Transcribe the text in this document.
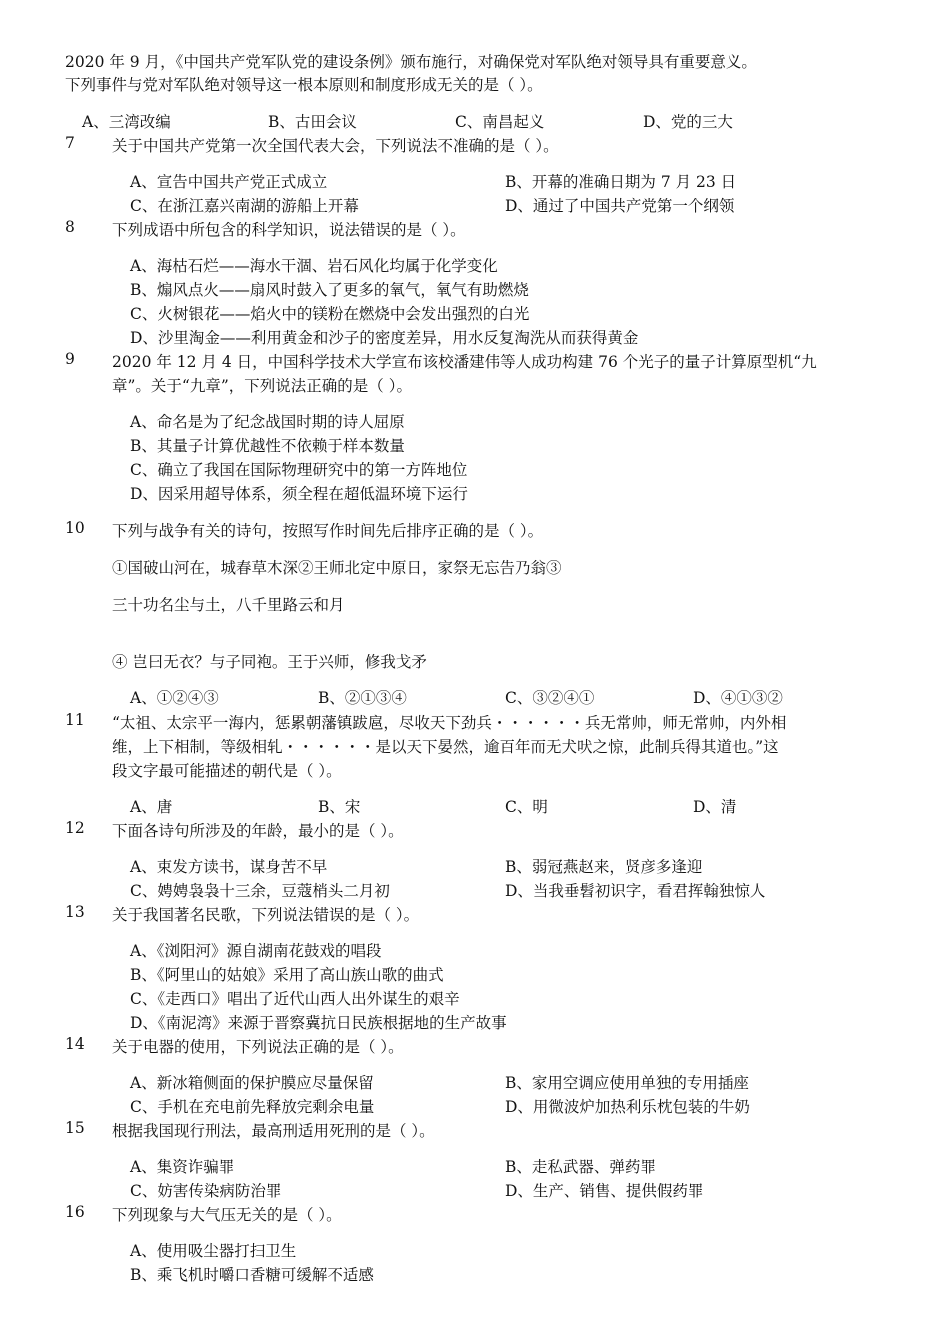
2020 年 9 月，《中国共产党军队党的建设条例》颁布施行，对确保党对军队绝对领导具有重要意义。
下列事件与党对军队绝对领导这一根本原则和制度形成无关的是（ ）。
A、三湾改编	B、古田会议	C、南昌起义	D、党的三大
7 关于中国共产党第一次全国代表大会，下列说法不准确的是（ ）。
A、宣告中国共产党正式成立	B、开幕的准确日期为 7 月 23 日
C、在浙江嘉兴南湖的游船上开幕	D、通过了中国共产党第一个纲领
8 下列成语中所包含的科学知识，说法错误的是（ ）。
A、海枯石烂——海水干涸、岩石风化均属于化学变化
B、煽风点火——扇风时鼓入了更多的氧气，氧气有助燃烧
C、火树银花——焰火中的镁粉在燃烧中会发出强烈的白光
D、沙里淘金——利用黄金和沙子的密度差异，用水反复淘洗从而获得黄金
9 2020 年 12 月 4 日，中国科学技术大学宣布该校潘建伟等人成功构建 76 个光子的量子计算原型机“九
章”。关于“九章”，下列说法正确的是（ ）。
A、命名是为了纪念战国时期的诗人屈原
B、其量子计算优越性不依赖于样本数量
C、确立了我国在国际物理研究中的第一方阵地位
D、因采用超导体系，须全程在超低温环境下运行
10 下列与战争有关的诗句，按照写作时间先后排序正确的是（ ）。
①国破山河在，城春草木深②王师北定中原日，家祭无忘告乃翁③
三十功名尘与土，八千里路云和月
④ 岂曰无衣？与子同袍。王于兴师，修我戈矛
A、①②④③	B、②①③④	C、③②④①	D、④①③②
11 “太祖、太宗平一海内，惩累朝藩镇跋扈，尽收天下劲兵・・・・・・兵无常帅，师无常帅，内外相
维，上下相制，等级相轧・・・・・・是以天下晏然，逾百年而无犬吠之惊，此制兵得其道也。”这
段文字最可能描述的朝代是（ ）。
A、唐	B、宋	C、明	D、清
12 下面各诗句所涉及的年龄，最小的是（ ）。
A、束发方读书，谋身苦不早	B、弱冠燕赵来，贤彦多逢迎
C、娉娉袅袅十三余，豆蔻梢头二月初	D、当我垂髫初识字，看君挥翰独惊人
13 关于我国著名民歌，下列说法错误的是（ ）。
A、《浏阳河》源自湖南花鼓戏的唱段
B、《阿里山的姑娘》采用了高山族山歌的曲式
C、《走西口》唱出了近代山西人出外谋生的艰辛
D、《南泥湾》来源于晋察冀抗日民族根据地的生产故事
14 关于电器的使用，下列说法正确的是（ ）。
A、新冰箱侧面的保护膜应尽量保留	B、家用空调应使用单独的专用插座
C、手机在充电前先释放完剩余电量	D、用微波炉加热利乐枕包装的牛奶
15 根据我国现行刑法，最高刑适用死刑的是（ ）。
A、集资诈骗罪	B、走私武器、弹药罪
C、妨害传染病防治罪	D、生产、销售、提供假药罪
16 下列现象与大气压无关的是（ ）。
A、使用吸尘器打扫卫生
B、乘飞机时嚼口香糖可缓解不适感
